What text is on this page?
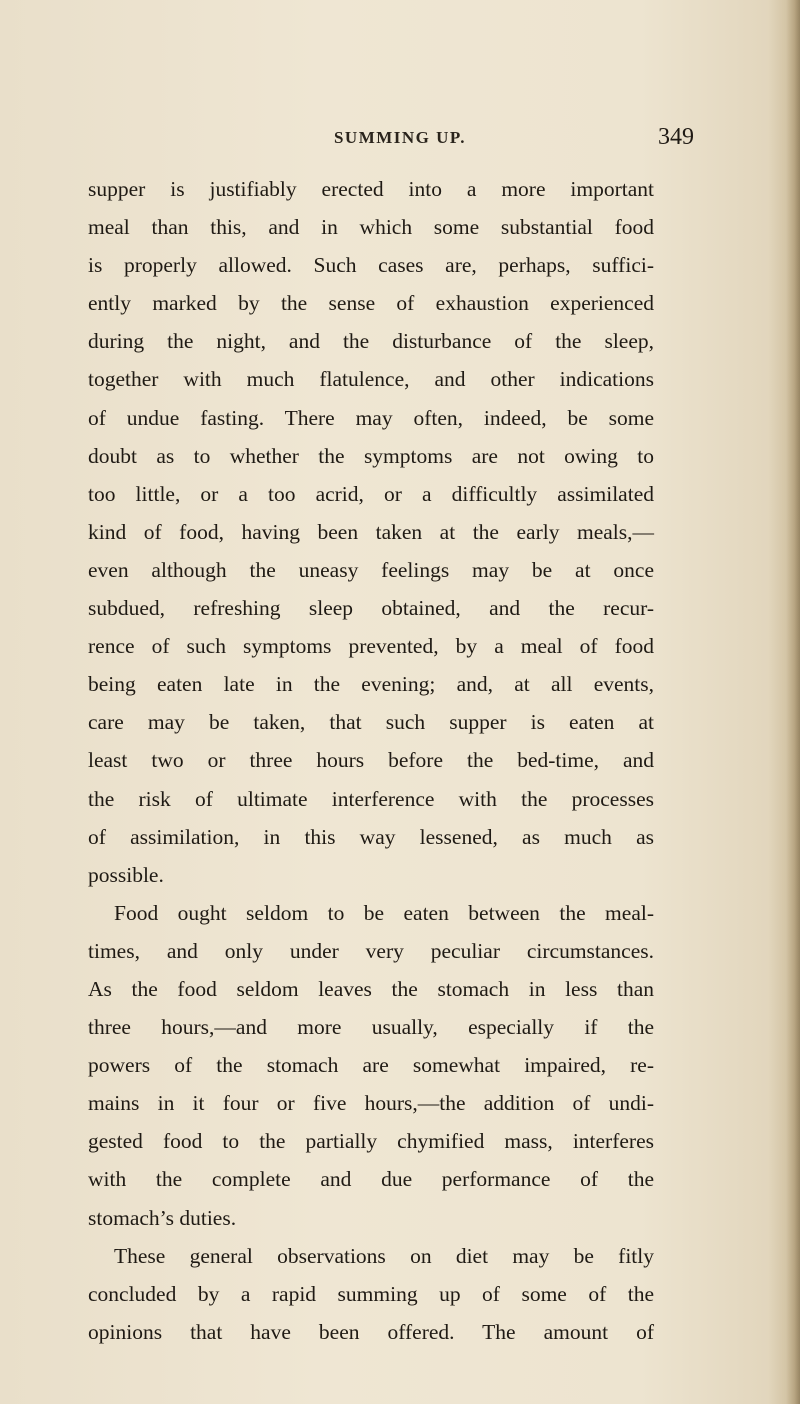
SUMMING UP.	349
supper is justifiably erected into a more important
meal than this, and in which some substantial food
is properly allowed. Such cases are, perhaps, suffici-
ently marked by the sense of exhaustion experienced
during the night, and the disturbance of the sleep,
together with much flatulence, and other indications
of undue fasting. There may often, indeed, be some
doubt as to whether the symptoms are not owing to
too little, or a too acrid, or a difficultly assimilated
kind of food, having been taken at the early meals,—
even although the uneasy feelings may be at once
subdued, refreshing sleep obtained, and the recur-
rence of such symptoms prevented, by a meal of food
being eaten late in the evening; and, at all events,
care may be taken, that such supper is eaten at
least two or three hours before the bed-time, and
the risk of ultimate interference with the processes
of assimilation, in this way lessened, as much as
possible.
Food ought seldom to be eaten between the meal-
times, and only under very peculiar circumstances.
As the food seldom leaves the stomach in less than
three hours,—and more usually, especially if the
powers of the stomach are somewhat impaired, re-
mains in it four or five hours,—the addition of undi-
gested food to the partially chymified mass, interferes
with the complete and due performance of the
stomach’s duties.
These general observations on diet may be fitly
concluded by a rapid summing up of some of the
opinions that have been offered. The amount of
